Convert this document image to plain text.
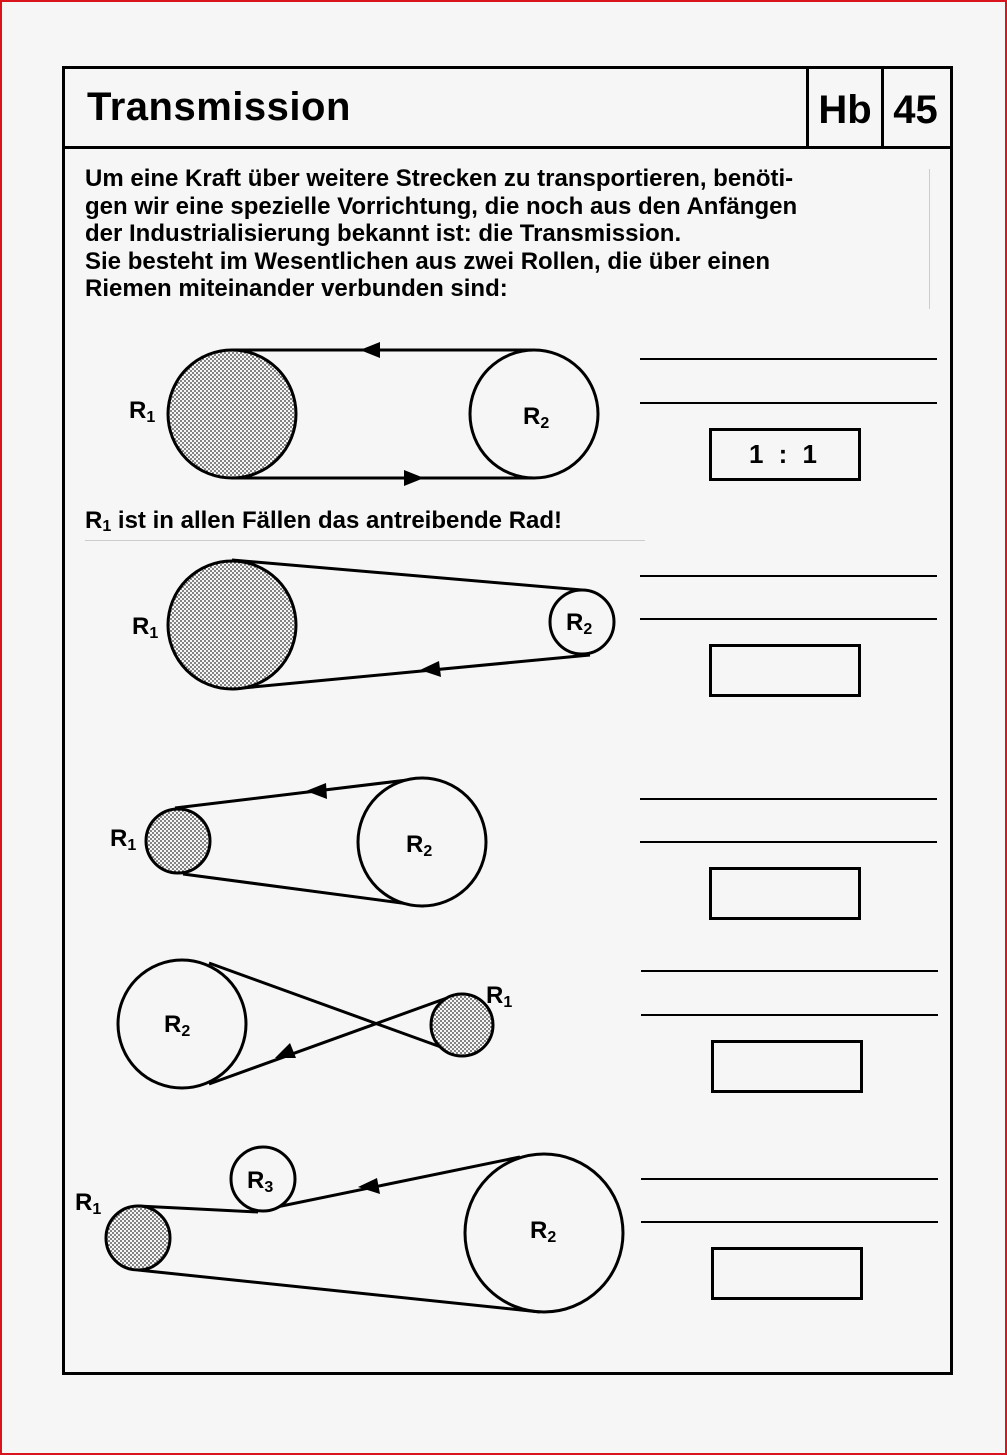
Transmission	Hb 45

Um eine Kraft über weitere Strecken zu transportieren, benöti-

gen wir eine spezielle Vorrichtung, die noch aus den Anfängen

der Industrialisierung bekannt ist: die Transmission.

Sie besteht im Wesentlichen aus zwei Rollen, die über einen

Riemen miteinander verbunden sind:

$R_1$ ist in allen Fällen das antreibende Rad!
R1	R2
R1	R2
R1	R2
R2
R1
R1
R3
R2
1 : 1
